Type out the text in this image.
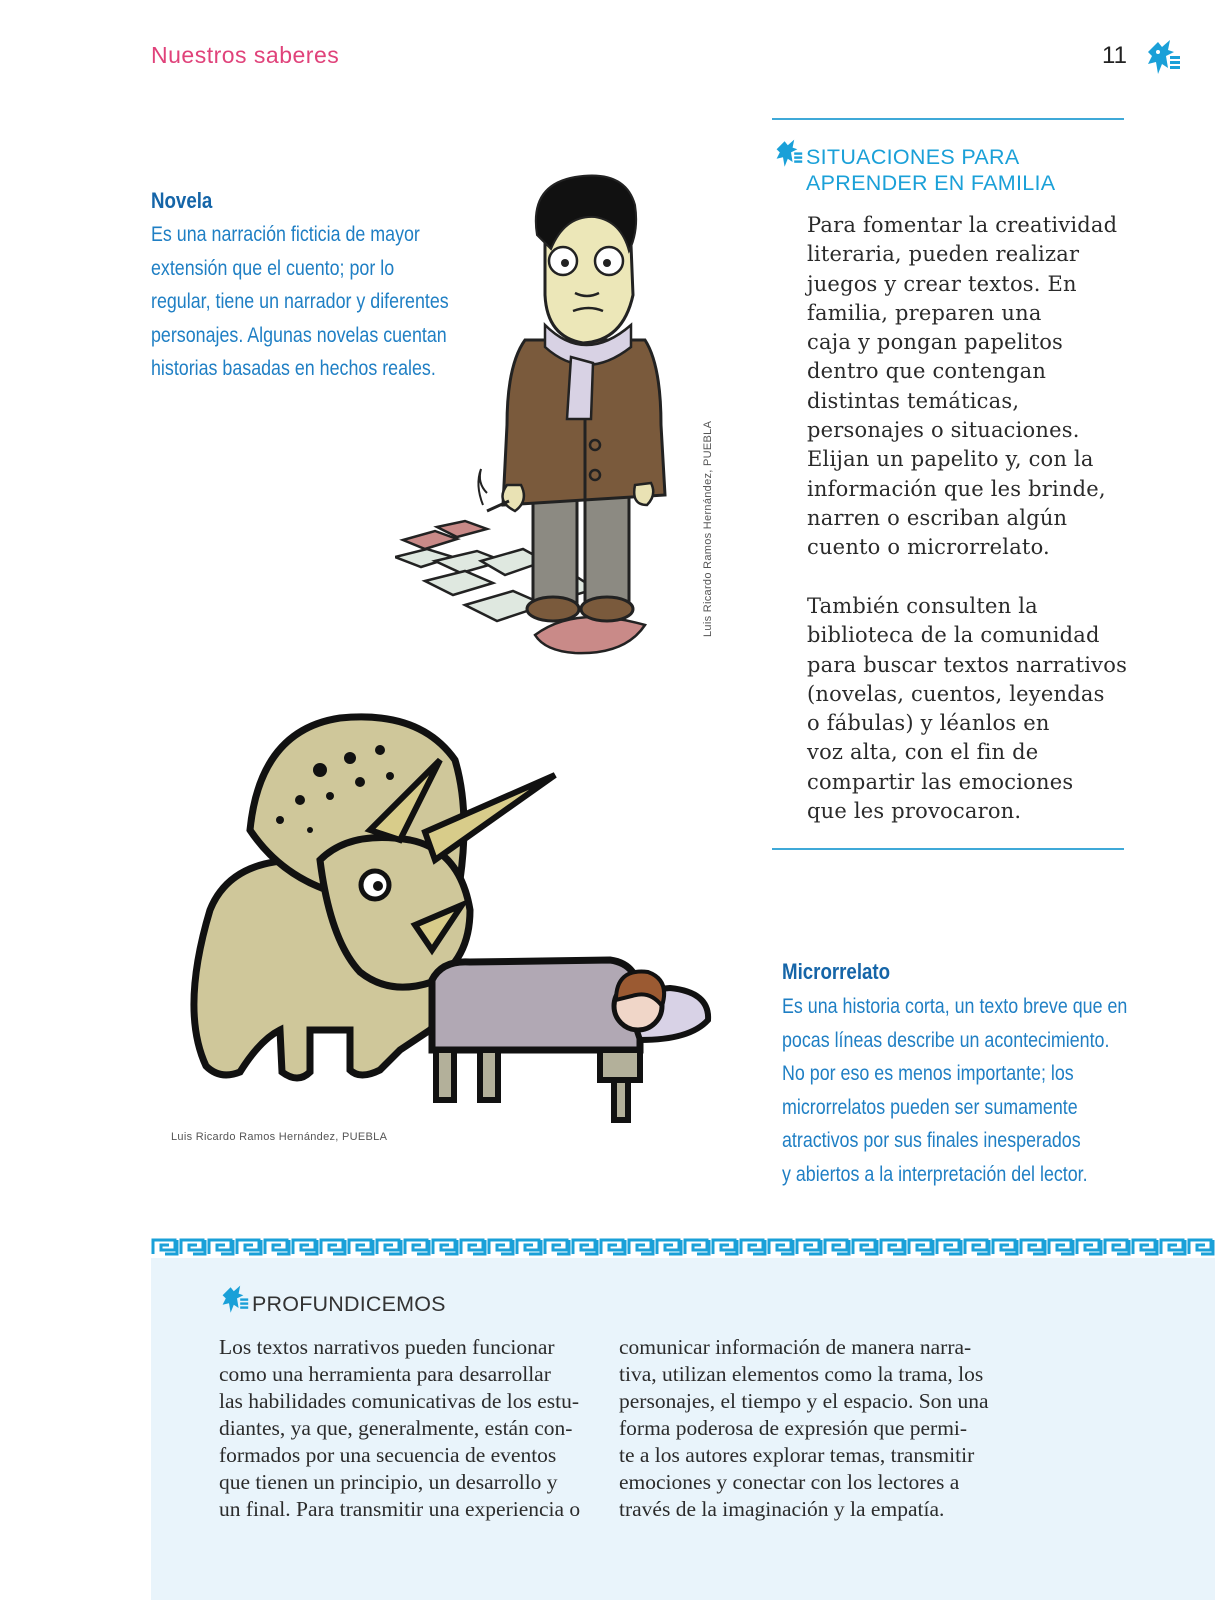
Nuestros saberes	11
Novela
Es una narración ficticia de mayor
extensión que el cuento; por lo
regular, tiene un narrador y diferentes
personajes. Algunas novelas cuentan
historias basadas en hechos reales.
Luis Ricardo Ramos Hernández, PUEBLA
Luis Ricardo Ramos Hernández, PUEBLA
SITUACIONES PARA
APRENDER EN FAMILIA
Para fomentar la creatividad
literaria, pueden realizar
juegos y crear textos. En
familia, preparen una
caja y pongan papelitos
dentro que contengan
distintas temáticas,
personajes o situaciones.
Elijan un papelito y, con la
información que les brinde,
narren o escriban algún
cuento o microrrelato.
También consulten la
biblioteca de la comunidad
para buscar textos narrativos
(novelas, cuentos, leyendas
o fábulas) y léanlos en
voz alta, con el fin de
compartir las emociones
que les provocaron.
Microrrelato
Es una historia corta, un texto breve que en
pocas líneas describe un acontecimiento.
No por eso es menos importante; los
microrrelatos pueden ser sumamente
atractivos por sus finales inesperados
y abiertos a la interpretación del lector.
PROFUNDICEMOS
Los textos narrativos pueden funcionar
como una herramienta para desarrollar
las habilidades comunicativas de los estu-
diantes, ya que, generalmente, están con-
formados por una secuencia de eventos
que tienen un principio, un desarrollo y
un final. Para transmitir una experiencia o
comunicar información de manera narra-
tiva, utilizan elementos como la trama, los
personajes, el tiempo y el espacio. Son una
forma poderosa de expresión que permi-
te a los autores explorar temas, transmitir
emociones y conectar con los lectores a
través de la imaginación y la empatía.
